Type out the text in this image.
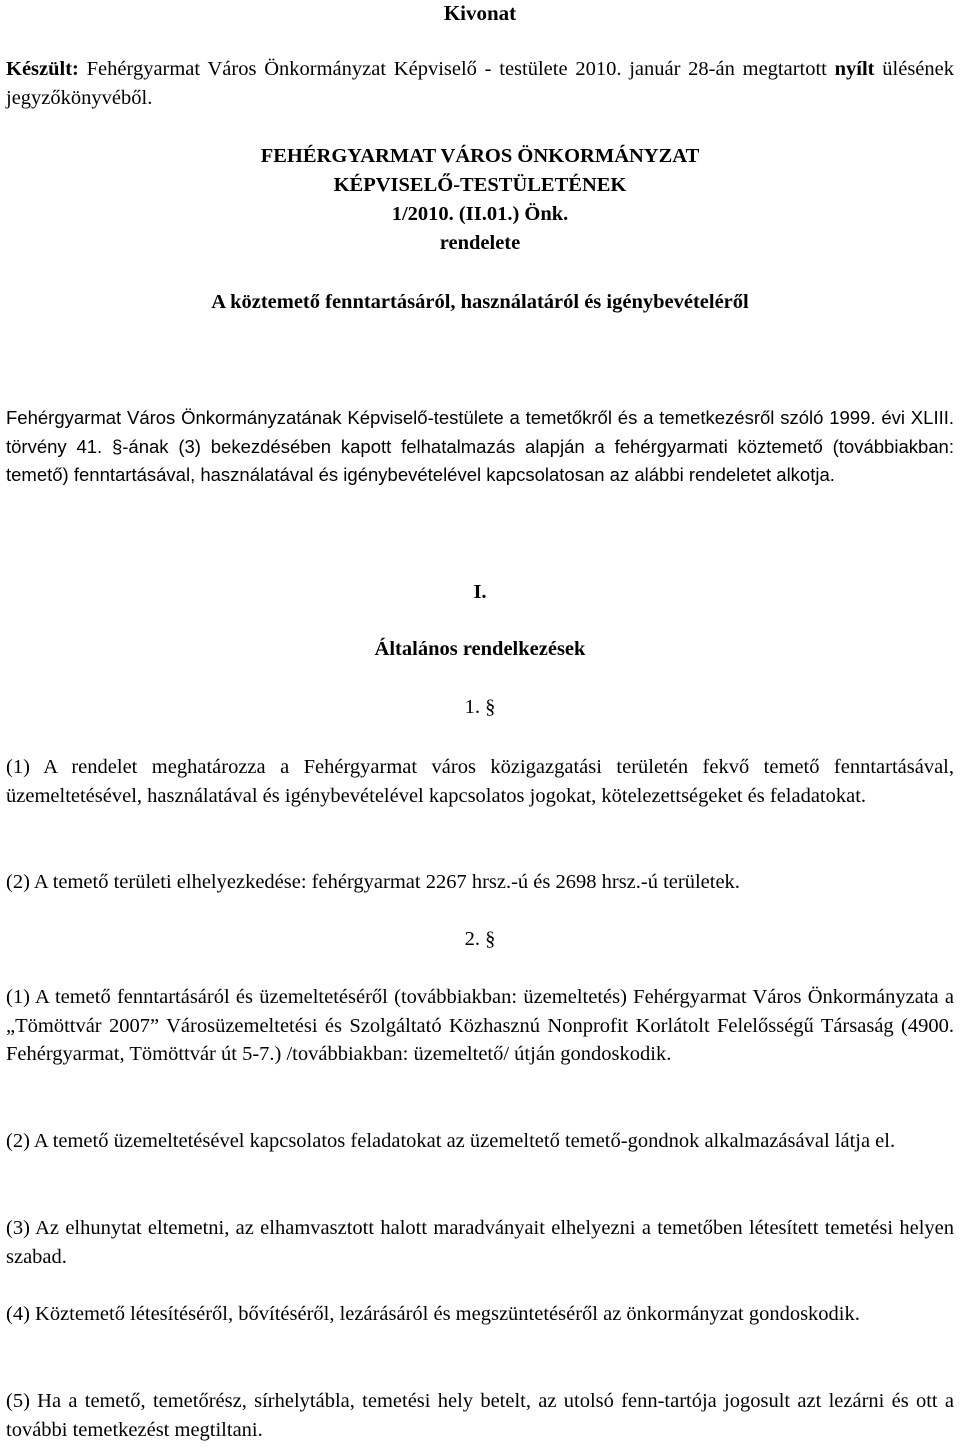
Kivonat

Készült: Fehérgyarmat Város Önkormányzat Képviselő - testülete 2010. január 28-án megtartott nyílt ülésének jegyzőkönyvéből.

FEHÉRGYARMAT VÁROS ÖNKORMÁNYZAT

KÉPVISELŐ-TESTÜLETÉNEK

1/2010. (II.01.) Önk.

rendelete

A köztemető fenntartásáról, használatáról és igénybevételéről

Fehérgyarmat Város Önkormányzatának Képviselő-testülete a temetőkről és a temetkezésről szóló 1999. évi XLIII. törvény 41. §-ának (3) bekezdésében kapott felhatalmazás alapján a fehérgyarmati köztemető (továbbiakban: temető) fenntartásával, használatával és igénybevételével kapcsolatosan az alábbi rendeletet alkotja.

I.

Általános rendelkezések

1. §

(1) A rendelet meghatározza a Fehérgyarmat város közigazgatási területén fekvő temető fenntartásával, üzemeltetésével, használatával és igénybevételével kapcsolatos jogokat, kötelezettségeket és feladatokat.

(2) A temető területi elhelyezkedése: fehérgyarmat 2267 hrsz.-ú és 2698 hrsz.-ú területek.

2. §

(1) A temető fenntartásáról és üzemeltetéséről (továbbiakban: üzemeltetés) Fehérgyarmat Város Önkormányzata a „Tömöttvár 2007” Városüzemeltetési és Szolgáltató Közhasznú Nonprofit Korlátolt Felelősségű Társaság (4900. Fehérgyarmat, Tömöttvár út 5-7.) /továbbiakban: üzemeltető/ útján gondoskodik.

(2) A temető üzemeltetésével kapcsolatos feladatokat az üzemeltető temető-gondnok alkalmazásával látja el.

(3) Az elhunytat eltemetni, az elhamvasztott halott maradványait elhelyezni a temetőben létesített temetési helyen szabad.

(4) Köztemető létesítéséről, bővítéséről, lezárásáról és megszüntetéséről az önkormányzat gondoskodik.

(5) Ha a temető, temetőrész, sírhelytábla, temetési hely betelt, az utolsó fenn-tartója jogosult azt lezárni és ott a további temetkezést megtiltani.
